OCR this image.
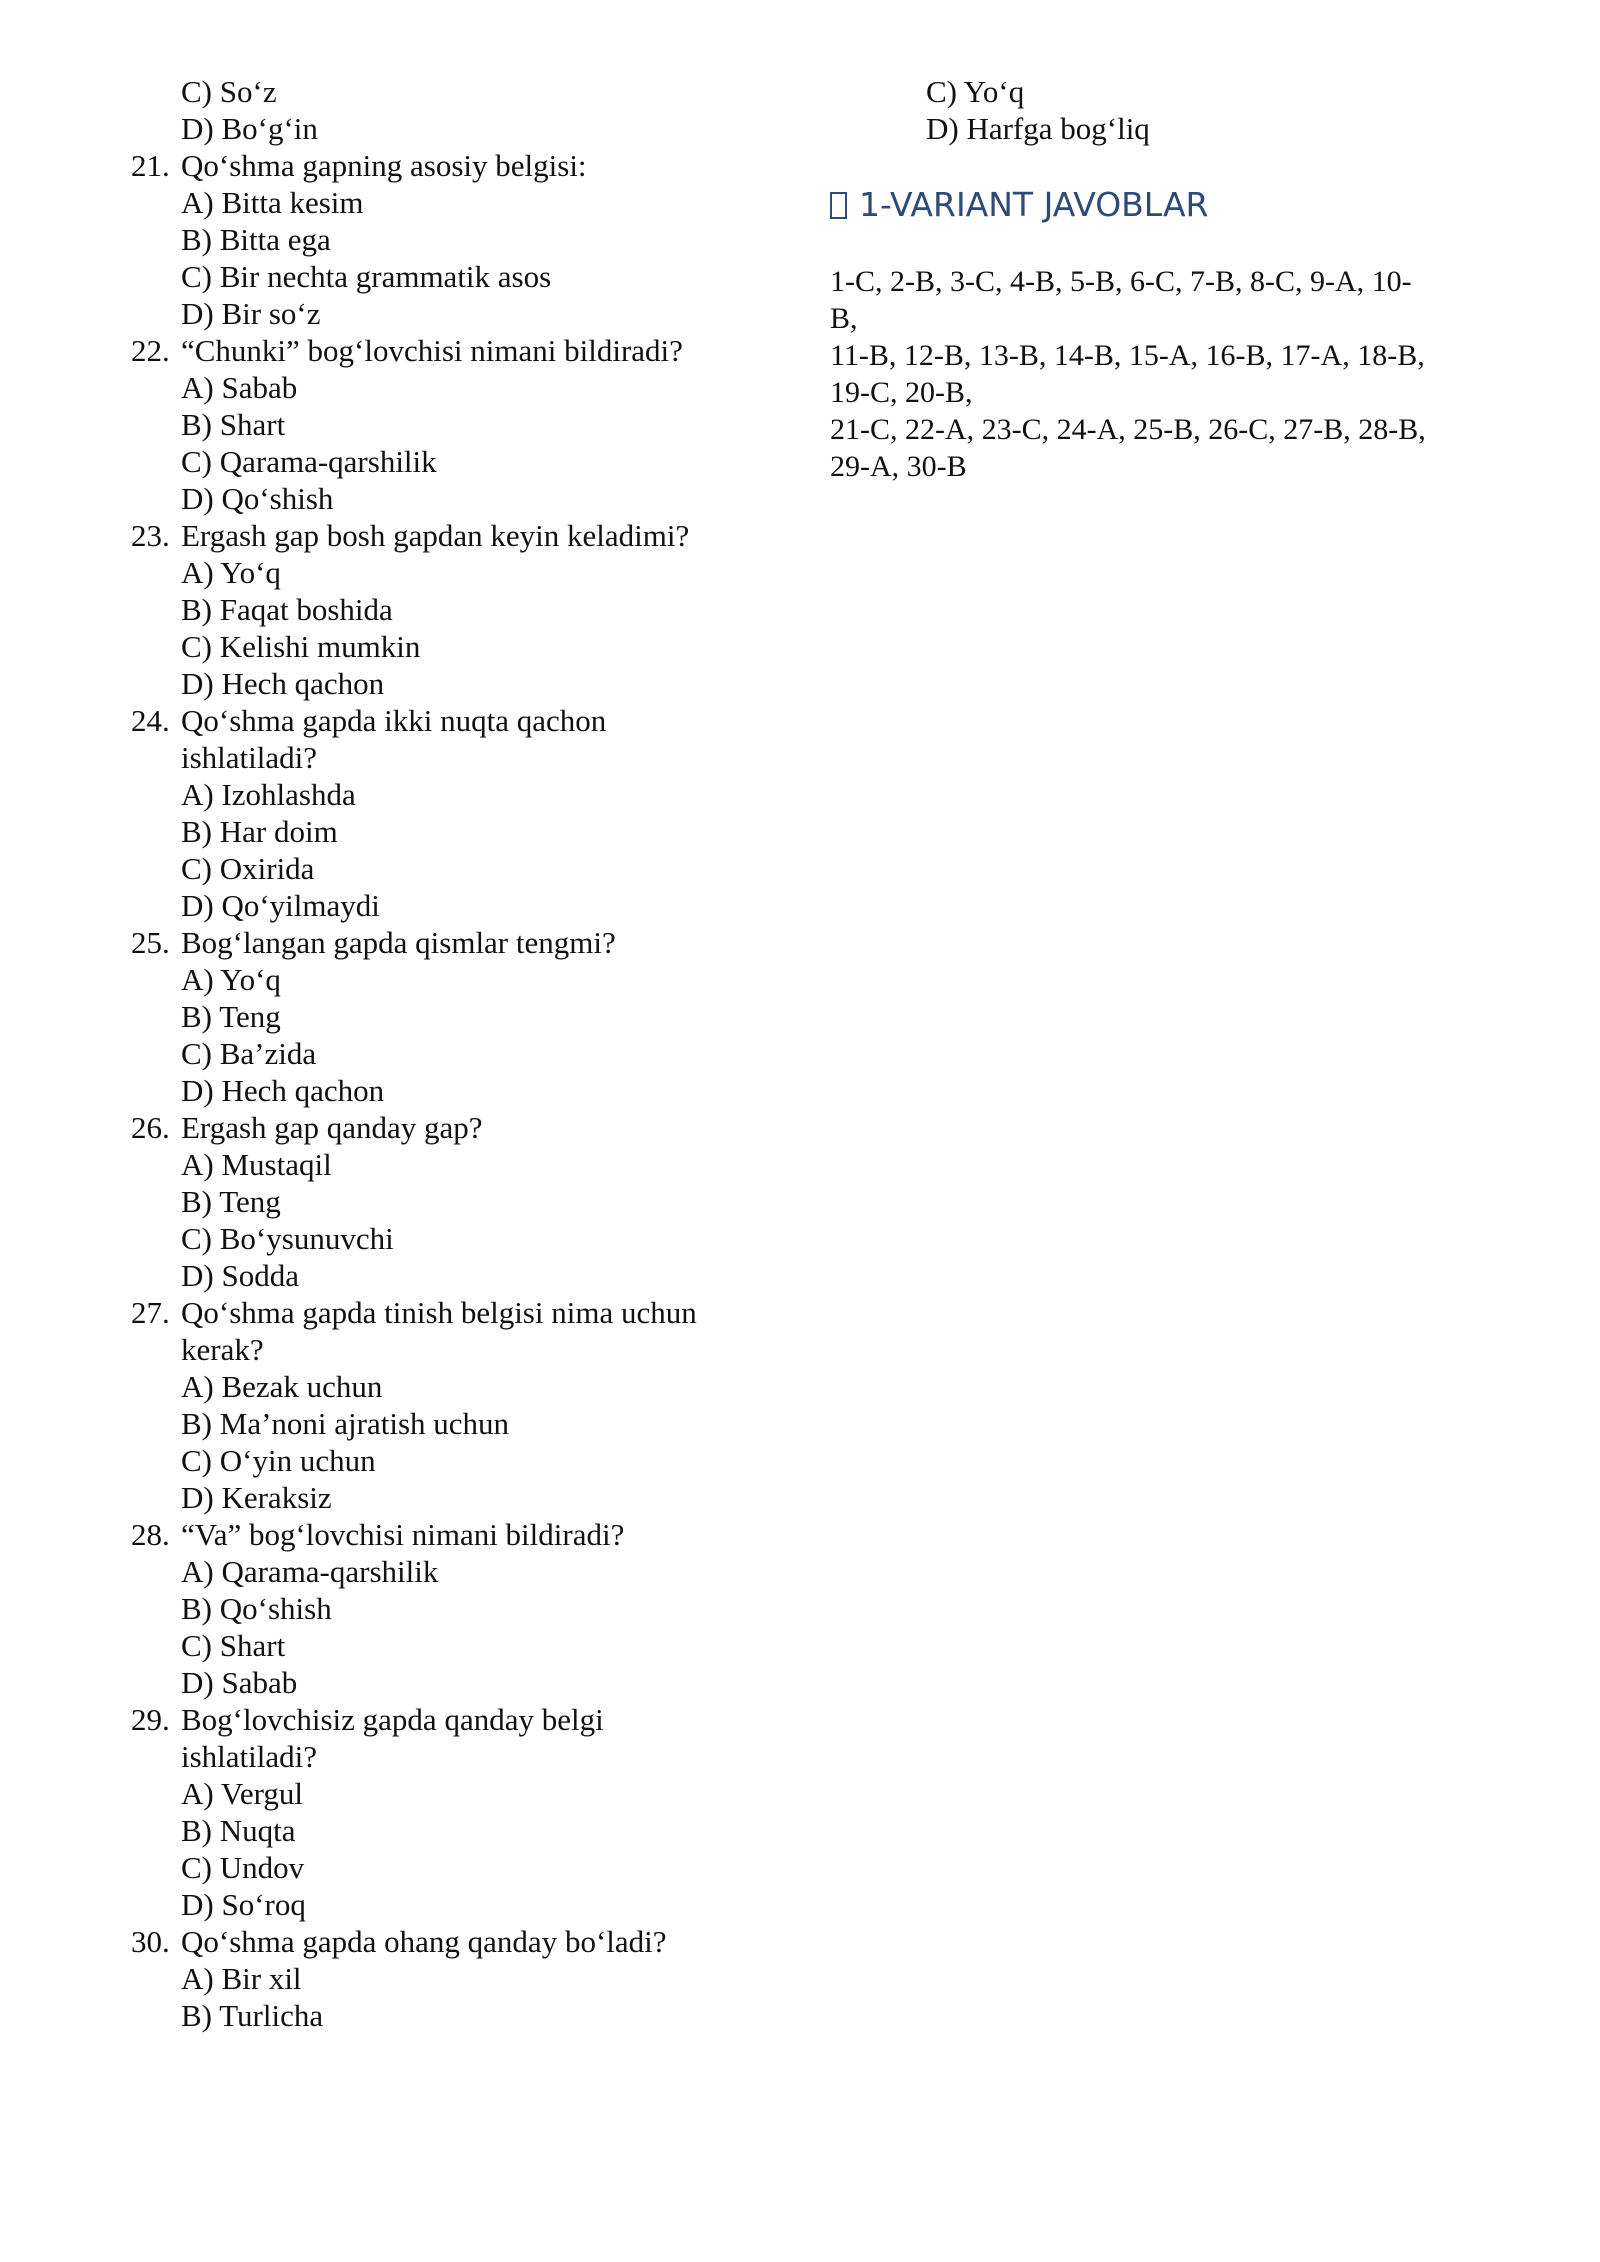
C) So‘z
D) Bo‘g‘in
21. Qo‘shma gapning asosiy belgisi:
A) Bitta kesim
B) Bitta ega
C) Bir nechta grammatik asos
D) Bir so‘z
22. “Chunki” bog‘lovchisi nimani bildiradi?
A) Sabab
B) Shart
C) Qarama-qarshilik
D) Qo‘shish
23. Ergash gap bosh gapdan keyin keladimi?
A) Yo‘q
B) Faqat boshida
C) Kelishi mumkin
D) Hech qachon
24. Qo‘shma gapda ikki nuqta qachon
ishlatiladi?
A) Izohlashda
B) Har doim
C) Oxirida
D) Qo‘yilmaydi
25. Bog‘langan gapda qismlar tengmi?
A) Yo‘q
B) Teng
C) Ba’zida
D) Hech qachon
26. Ergash gap qanday gap?
A) Mustaqil
B) Teng
C) Bo‘ysunuvchi
D) Sodda
27. Qo‘shma gapda tinish belgisi nima uchun
kerak?
A) Bezak uchun
B) Ma’noni ajratish uchun
C) O‘yin uchun
D) Keraksiz
28. “Va” bog‘lovchisi nimani bildiradi?
A) Qarama-qarshilik
B) Qo‘shish
C) Shart
D) Sabab
29. Bog‘lovchisiz gapda qanday belgi
ishlatiladi?
A) Vergul
B) Nuqta
C) Undov
D) So‘roq
30. Qo‘shma gapda ohang qanday bo‘ladi?
A) Bir xil
B) Turlicha
C) Yo‘q
D) Harfga bog‘liq
1-VARIANT JAVOBLAR
1-C, 2-B, 3-C, 4-B, 5-B, 6-C, 7-B, 8-C, 9-A, 10-
B,
11-B, 12-B, 13-B, 14-B, 15-A, 16-B, 17-A, 18-B,
19-C, 20-B,
21-C, 22-A, 23-C, 24-A, 25-B, 26-C, 27-B, 28-B,
29-A, 30-B
